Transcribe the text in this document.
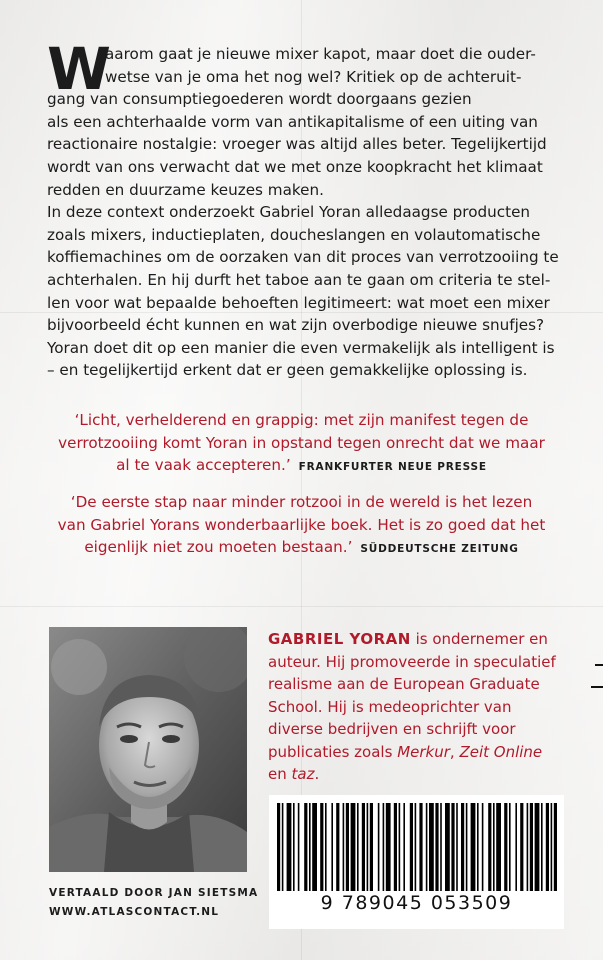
W
aarom gaat je nieuwe mixer kapot, maar doet die ouder-
wetse van je oma het nog wel? Kritiek op de achteruit-
gang van consumptiegoederen wordt doorgaans gezien
als een achterhaalde vorm van antikapitalisme of een uiting van
reactionaire nostalgie: vroeger was altijd alles beter. Tegelijkertijd
wordt van ons verwacht dat we met onze koopkracht het klimaat
redden en duurzame keuzes maken.
In deze context onderzoekt Gabriel Yoran alledaagse producten
zoals mixers, inductieplaten, doucheslangen en volautomatische
koffiemachines om de oorzaken van dit proces van verrotzooiing te
achterhalen. En hij durft het taboe aan te gaan om criteria te stel-
len voor wat bepaalde behoeften legitimeert: wat moet een mixer
bijvoorbeeld écht kunnen en wat zijn overbodige nieuwe snufjes?
Yoran doet dit op een manier die even vermakelijk als intelligent is
– en tegelijkertijd erkent dat er geen gemakkelijke oplossing is.
‘Licht, verhelderend en grappig: met zijn manifest tegen de
verrotzooiing komt Yoran in opstand tegen onrecht dat we maar
al te vaak accepteren.’ FRANKFURTER NEUE PRESSE
‘De eerste stap naar minder rotzooi in de wereld is het lezen
van Gabriel Yorans wonderbaarlijke boek. Het is zo goed dat het
eigenlijk niet zou moeten bestaan.’ SÜDDEUTSCHE ZEITUNG
GABRIEL YORAN is ondernemer en
auteur. Hij promoveerde in speculatief
realisme aan de European Graduate
School. Hij is medeoprichter van
diverse bedrijven en schrijft voor
publicaties zoals Merkur, Zeit Online
en taz.
9 789045 053509
VERTAALD DOOR JAN SIETSMA
WWW.ATLASCONTACT.NL
